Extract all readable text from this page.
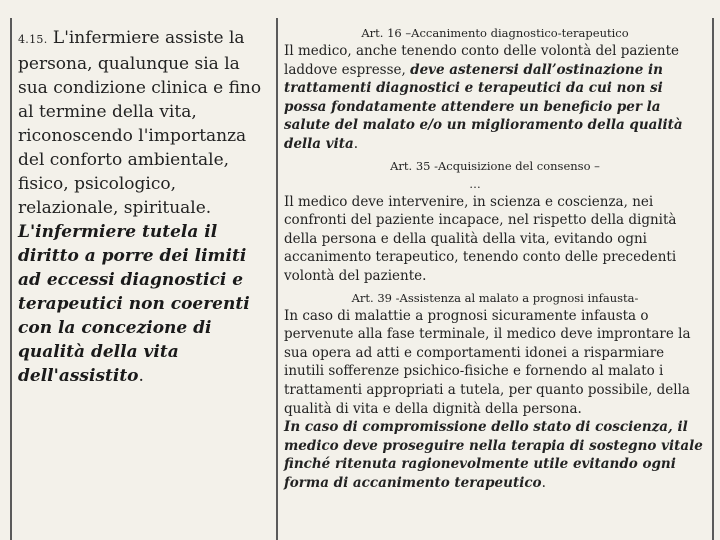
4.15. L'infermiere assiste la persona, qualunque sia la sua condizione clinica e fino al termine della vita, riconoscendo l'importanza del conforto ambientale, fisico, psicologico, relazionale, spirituale. L'infermiere tutela il diritto a porre dei limiti ad eccessi diagnostici e terapeutici non coerenti con la concezione di qualità della vita dell'assistito.
Art. 16 –Accanimento diagnostico-terapeutico

Il medico, anche tenendo conto delle volontà del paziente laddove espresse, deve astenersi dall’ostinazione in trattamenti diagnostici e terapeutici da cui non si possa fondatamente attendere un beneficio per la salute del malato e/o un miglioramento della qualità della vita.

Art. 35 -Acquisizione del consenso –
…

Il medico deve intervenire, in scienza e coscienza, nei confronti del paziente incapace, nel rispetto della dignità della persona e della qualità della vita, evitando ogni accanimento terapeutico, tenendo conto delle precedenti volontà del paziente.

Art. 39 -Assistenza al malato a prognosi infausta-

In caso di malattie a prognosi sicuramente infausta o pervenute alla fase terminale, il medico deve improntare la sua opera ad atti e comportamenti idonei a risparmiare inutili sofferenze psichico-fisiche e fornendo al malato i trattamenti appropriati a tutela, per quanto possibile, della qualità di vita e della dignità della persona.

In caso di compromissione dello stato di coscienza, il medico deve proseguire nella terapia di sostegno vitale finché ritenuta ragionevolmente utile evitando ogni forma di accanimento terapeutico.
